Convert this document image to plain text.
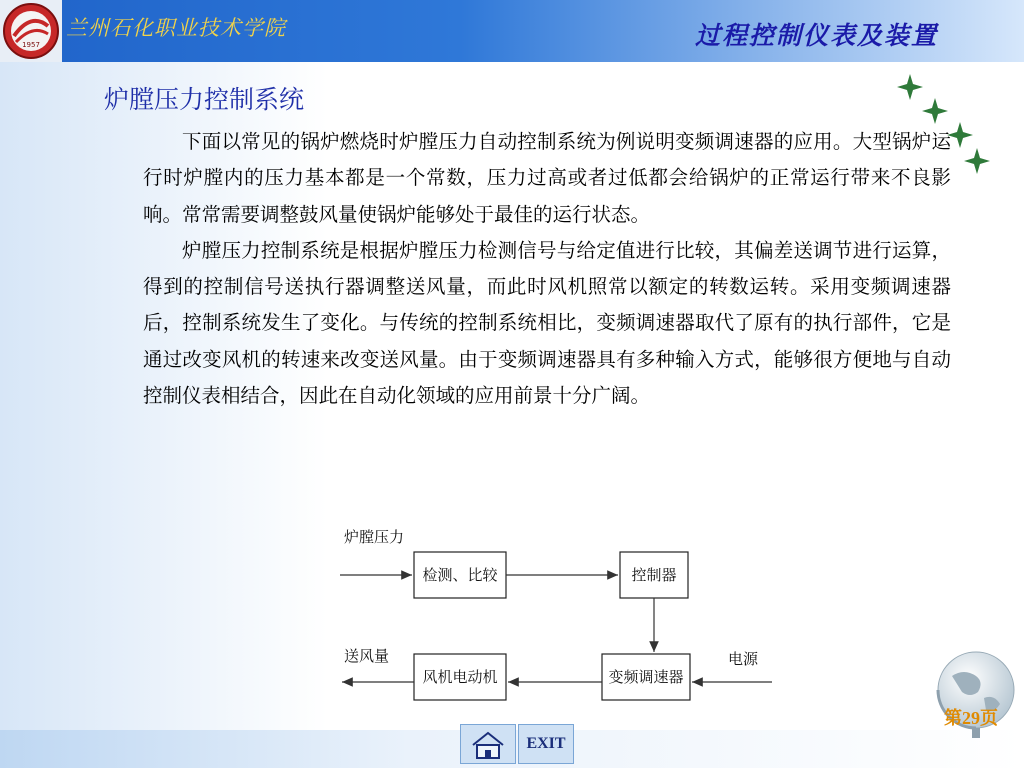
1957
兰州石化职业技术学院	过程控制仪表及装置
炉膛压力控制系统

下面以常见的锅炉燃烧时炉膛压力自动控制系统为例说明变频调速器的应用。大型锅炉运行时炉膛内的压力基本都是一个常数，压力过高或者过低都会给锅炉的正常运行带来不良影响。常常需要调整鼓风量使锅炉能够处于最佳的运行状态。

炉膛压力控制系统是根据炉膛压力检测信号与给定值进行比较，其偏差送调节进行运算，得到的控制信号送执行器调整送风量，而此时风机照常以额定的转数运转。采用变频调速器后，控制系统发生了变化。与传统的控制系统相比，变频调速器取代了原有的执行部件，它是通过改变风机的转速来改变送风量。由于变频调速器具有多种输入方式，能够很方便地与自动控制仪表相结合，因此在自动化领域的应用前景十分广阔。

炉膛压力
送风量	电源
检测、比较	控制器
变频调速器
风机电动机
EXIT
第29页
